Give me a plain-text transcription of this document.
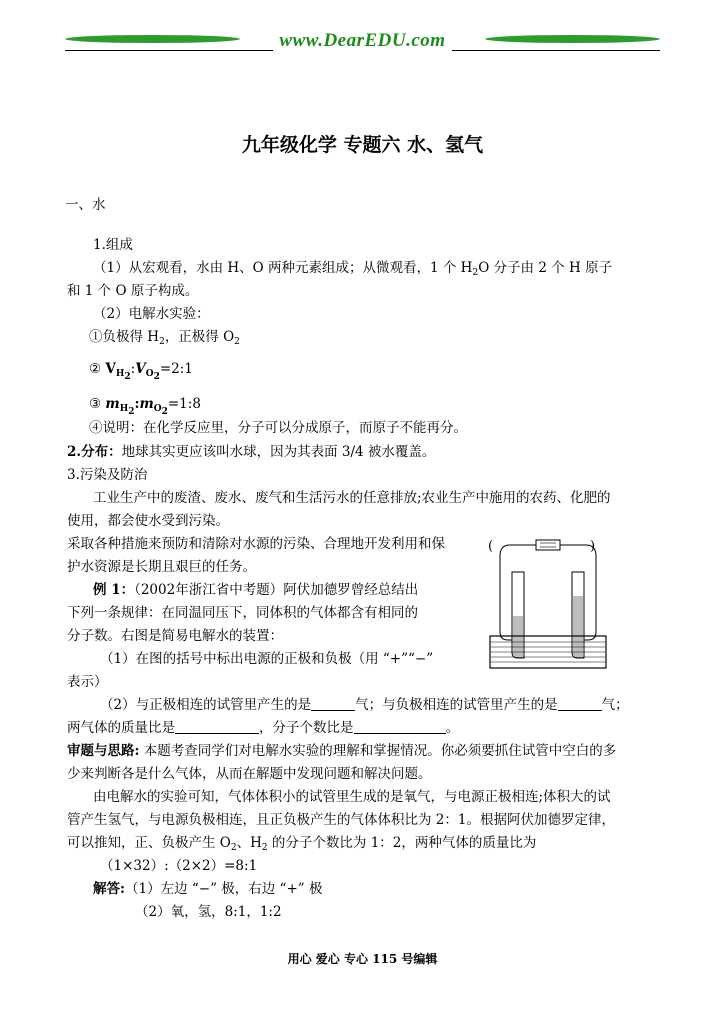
www.DearEDU.com
九年级化学 专题六 水、氢气
一、水
1.组成
（1）从宏观看，水由 H、O 两种元素组成；从微观看，1 个 $H_2O$ 分子由 2 个 H 原子
和 1 个 O 原子构成。
（2）电解水实验：
①负极得 $H_2$，正极得 $O_2$
② $V_{H_2}:V_{O_2}=2:1$
③ $m_{H_2}:m_{O_2}=1:8$
④说明：在化学反应里，分子可以分成原子，而原子不能再分。
2.分布：地球其实更应该叫水球，因为其表面 3/4 被水覆盖。
3.污染及防治
工业生产中的废渣、废水、废气和生活污水的任意排放;农业生产中施用的农药、化肥的
使用，都会使水受到污染。
采取各种措施来预防和清除对水源的污染、合理地开发利用和保
护水资源是长期且艰巨的任务。
例 1：（2002年浙江省中考题）阿伏加德罗曾经总结出
下列一条规律：在同温同压下，同体积的气体都含有相同的
分子数。右图是简易电解水的装置：
（1）在图的括号中标出电源的正极和负极（用 “+”“−”
表示）
（2）与正极相连的试管里产生的是	气；与负极相连的试管里产生的是	气；
两气体的质量比是	，分子个数比是	。
审题与思路: 本题考查同学们对电解水实验的理解和掌握情况。你必须要抓住试管中空白的多
少来判断各是什么气体，从而在解题中发现问题和解决问题。
由电解水的实验可知，气体体积小的试管里生成的是氧气，与电源正极相连;体积大的试
管产生氢气，与电源负极相连，且正负极产生的气体体积比为 2：1。根据阿伏加德罗定律，
可以推知，正、负极产生 $O_2$、$H_2$ 的分子个数比为 1：2，两种气体的质量比为
（1×32）:（2×2）=8:1
解答:（1）左边 “−” 极，右边 “+” 极
（2）氧，氢，8:1，1:2
(	)
用心 爱心 专心 115 号编辑
